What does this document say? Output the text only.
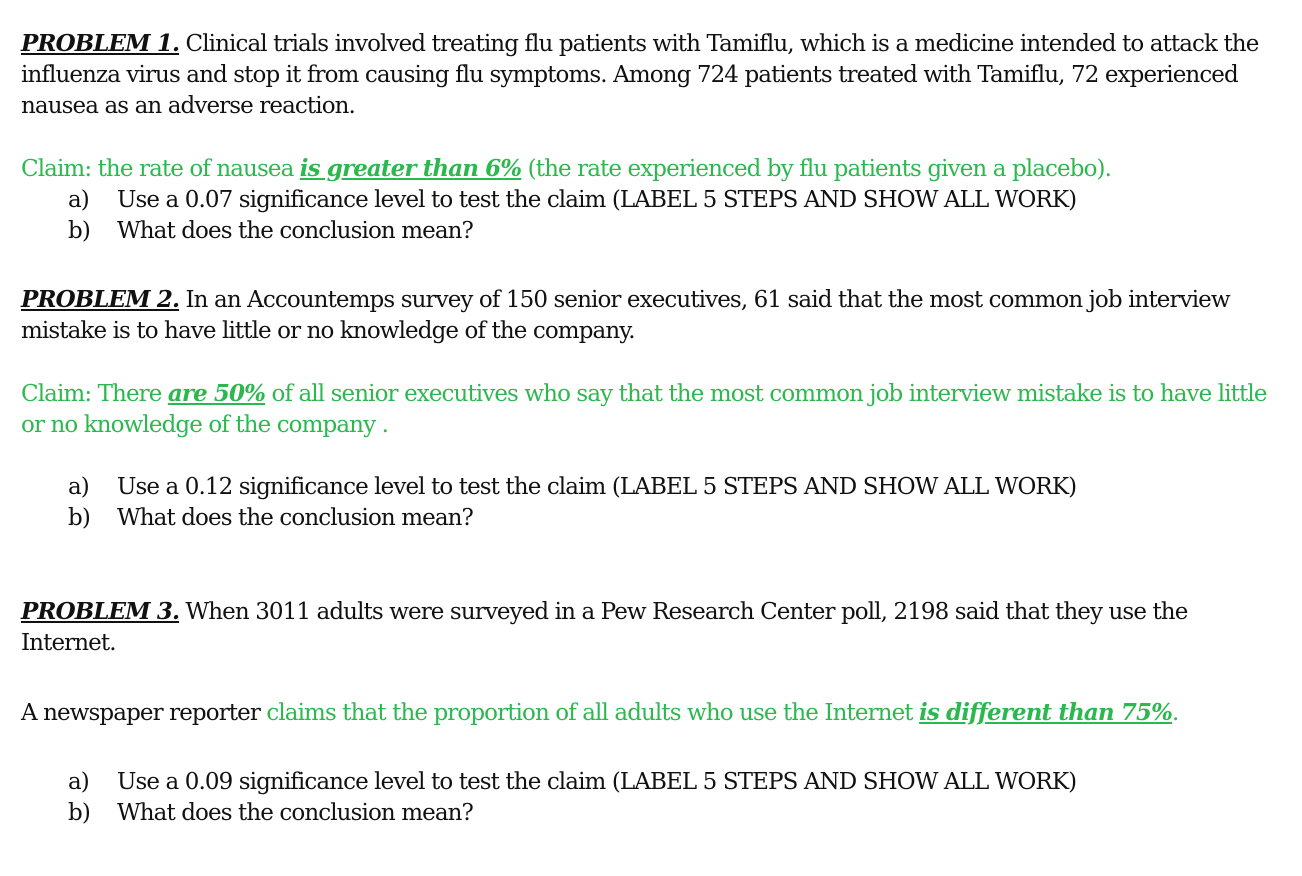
PROBLEM 1. Clinical trials involved treating flu patients with Tamiflu, which is a medicine intended to attack the influenza virus and stop it from causing flu symptoms. Among 724 patients treated with Tamiflu, 72 experienced nausea as an adverse reaction.

Claim: the rate of nausea is greater than 6% (the rate experienced by flu patients given a placebo).

a)	Use a 0.07 significance level to test the claim (LABEL 5 STEPS AND SHOW ALL WORK)
b)	What does the conclusion mean?

PROBLEM 2. In an Accountemps survey of 150 senior executives, 61 said that the most common job interview mistake is to have little or no knowledge of the company.

Claim: There are 50% of all senior executives who say that the most common job interview mistake is to have little or no knowledge of the company .

a)	Use a 0.12 significance level to test the claim (LABEL 5 STEPS AND SHOW ALL WORK)
b)	What does the conclusion mean?

PROBLEM 3. When 3011 adults were surveyed in a Pew Research Center poll, 2198 said that they use the Internet.

A newspaper reporter claims that the proportion of all adults who use the Internet is different than 75%.

a)	Use a 0.09 significance level to test the claim (LABEL 5 STEPS AND SHOW ALL WORK)
b)	What does the conclusion mean?
